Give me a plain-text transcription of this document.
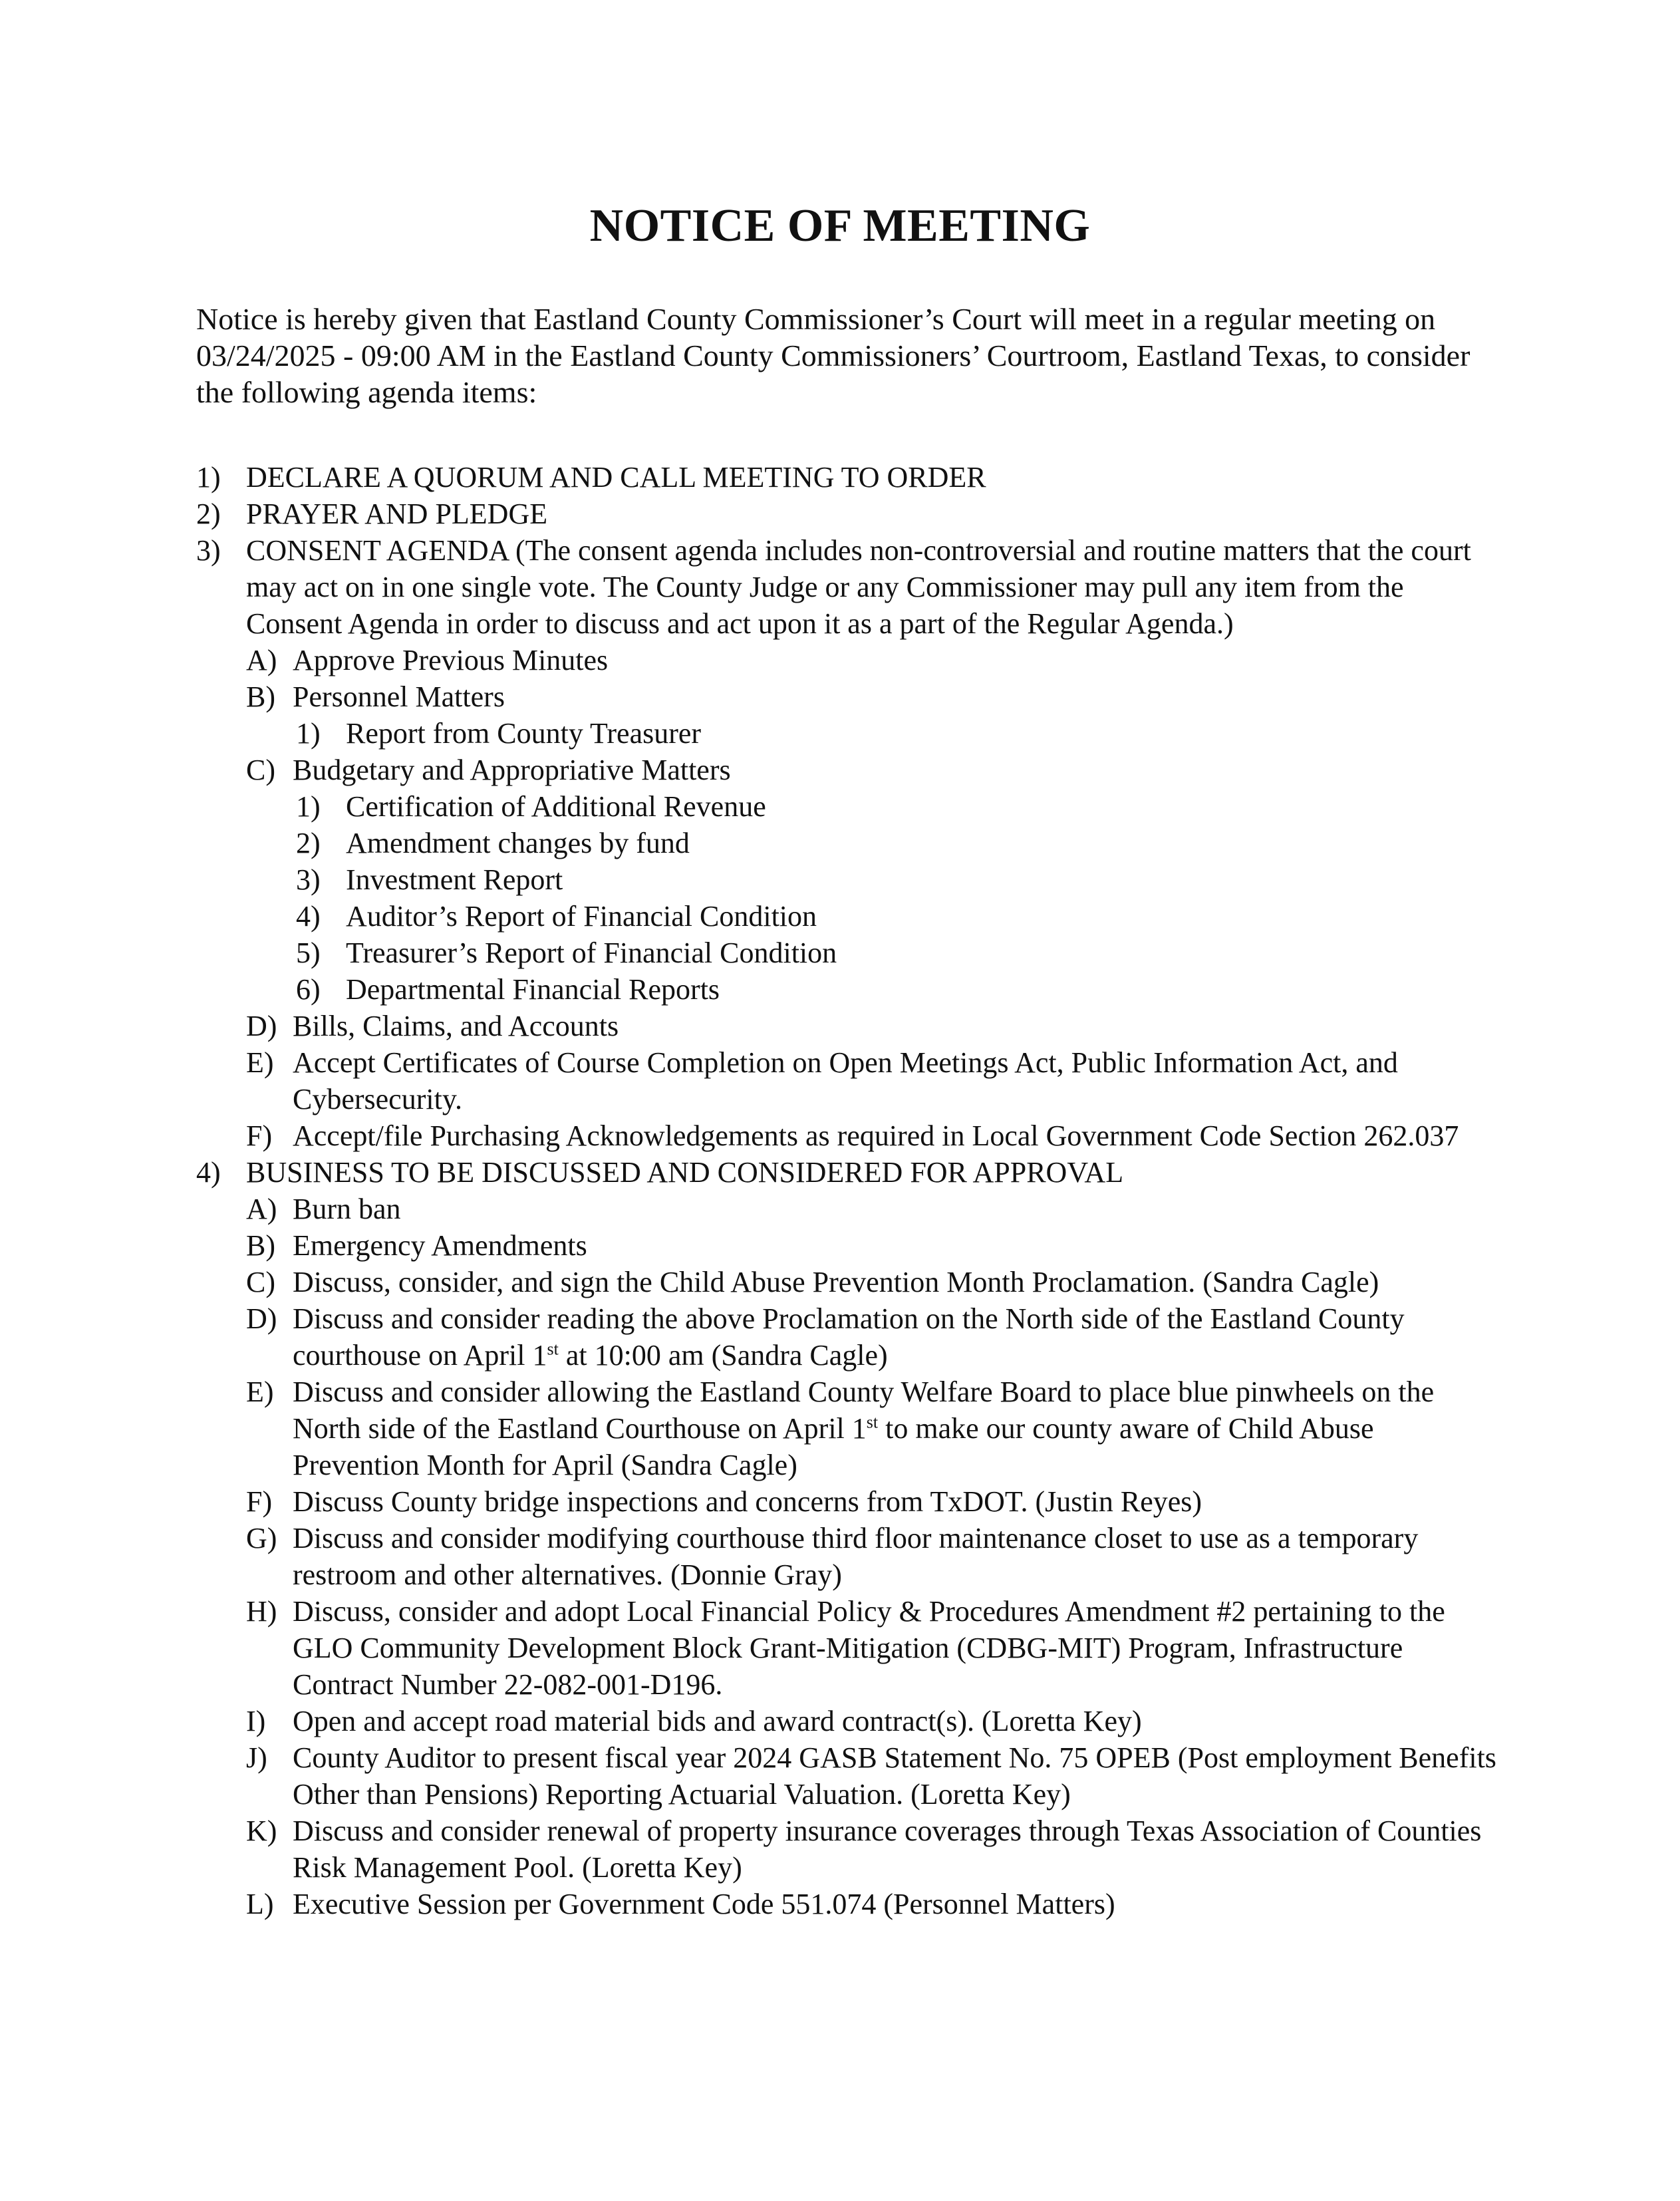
NOTICE OF MEETING
Notice is hereby given that Eastland County Commissioner’s Court will meet in a regular meeting on 03/24/2025 - 09:00 AM in the Eastland County Commissioners’ Courtroom, Eastland Texas, to consider the following agenda items:
1) DECLARE A QUORUM AND CALL MEETING TO ORDER
2) PRAYER AND PLEDGE
3) CONSENT AGENDA (The consent agenda includes non-controversial and routine matters that the court may act on in one single vote. The County Judge or any Commissioner may pull any item from the Consent Agenda in order to discuss and act upon it as a part of the Regular Agenda.)
A) Approve Previous Minutes
B) Personnel Matters
1) Report from County Treasurer
C) Budgetary and Appropriative Matters
1) Certification of Additional Revenue
2) Amendment changes by fund
3) Investment Report
4) Auditor’s Report of Financial Condition
5) Treasurer’s Report of Financial Condition
6) Departmental Financial Reports
D) Bills, Claims, and Accounts
E) Accept Certificates of Course Completion on Open Meetings Act, Public Information Act, and Cybersecurity.
F) Accept/file Purchasing Acknowledgements as required in Local Government Code Section 262.037
4) BUSINESS TO BE DISCUSSED AND CONSIDERED FOR APPROVAL
A) Burn ban
B) Emergency Amendments
C) Discuss, consider, and sign the Child Abuse Prevention Month Proclamation. (Sandra Cagle)
D) Discuss and consider reading the above Proclamation on the North side of the Eastland County courthouse on April 1st at 10:00 am (Sandra Cagle)
E) Discuss and consider allowing the Eastland County Welfare Board to place blue pinwheels on the North side of the Eastland Courthouse on April 1st to make our county aware of Child Abuse Prevention Month for April (Sandra Cagle)
F) Discuss County bridge inspections and concerns from TxDOT. (Justin Reyes)
G) Discuss and consider modifying courthouse third floor maintenance closet to use as a temporary restroom and other alternatives. (Donnie Gray)
H) Discuss, consider and adopt Local Financial Policy & Procedures Amendment #2 pertaining to the GLO Community Development Block Grant-Mitigation (CDBG-MIT) Program, Infrastructure Contract Number 22-082-001-D196.
I) Open and accept road material bids and award contract(s). (Loretta Key)
J) County Auditor to present fiscal year 2024 GASB Statement No. 75 OPEB (Post employment Benefits Other than Pensions) Reporting Actuarial Valuation. (Loretta Key)
K) Discuss and consider renewal of property insurance coverages through Texas Association of Counties Risk Management Pool. (Loretta Key)
L) Executive Session per Government Code 551.074 (Personnel Matters)
